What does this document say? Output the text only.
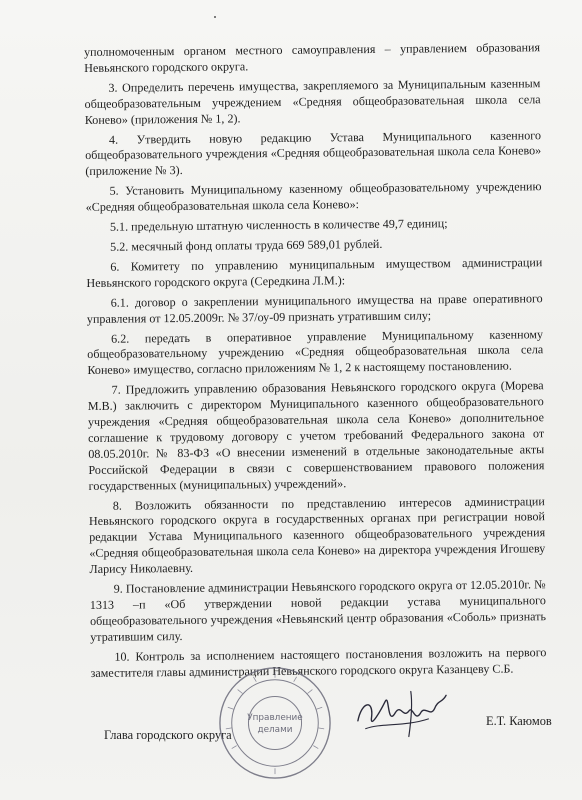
уполномоченным органом местного самоуправления – управлением образования Невьянского городского округа.

3. Определить перечень имущества, закрепляемого за Муниципальным казенным общеобразовательным учреждением «Средняя общеобразовательная школа села Конево» (приложения № 1, 2).

4. Утвердить новую редакцию Устава Муниципального казенного общеобразовательного учреждения «Средняя общеобразовательная школа села Конево» (приложение № 3).

5. Установить Муниципальному казенному общеобразовательному учреждению «Средняя общеобразовательная школа села Конево»:

5.1. предельную штатную численность в количестве 49,7 единиц;

5.2. месячный фонд оплаты труда 669 589,01 рублей.

6. Комитету по управлению муниципальным имуществом администрации Невьянского городского округа (Середкина Л.М.):

6.1. договор о закреплении муниципального имущества на праве оперативного управления от 12.05.2009г. № 37/оу-09 признать утратившим силу;

6.2. передать в оперативное управление Муниципальному казенному общеобразовательному учреждению «Средняя общеобразовательная школа села Конево» имущество, согласно приложениям № 1, 2 к настоящему постановлению.

7. Предложить управлению образования Невьянского городского округа (Морева М.В.) заключить с директором Муниципального казенного общеобразовательного учреждения «Средняя общеобразовательная школа села Конево» дополнительное соглашение к трудовому договору с учетом требований Федерального закона от 08.05.2010г. № 83-ФЗ «О внесении изменений в отдельные законодательные акты Российской Федерации в связи с совершенствованием правового положения государственных (муниципальных) учреждений».

8. Возложить обязанности по представлению интересов администрации Невьянского городского округа в государственных органах при регистрации новой редакции Устава Муниципального казенного общеобразовательного учреждения «Средняя общеобразовательная школа села Конево» на директора учреждения Игошеву Ларису Николаевну.

9. Постановление администрации Невьянского городского округа от 12.05.2010г. № 1313 –п «Об утверждении новой редакции устава муниципального общеобразовательного учреждения «Невьянский центр образования «Соболь» признать утратившим силу.

10. Контроль за исполнением настоящего постановления возложить на первого заместителя главы администрации Невьянского городского округа Казанцеву С.Б.

Глава городского округа
Управление
делами
Е.Т. Каюмов
